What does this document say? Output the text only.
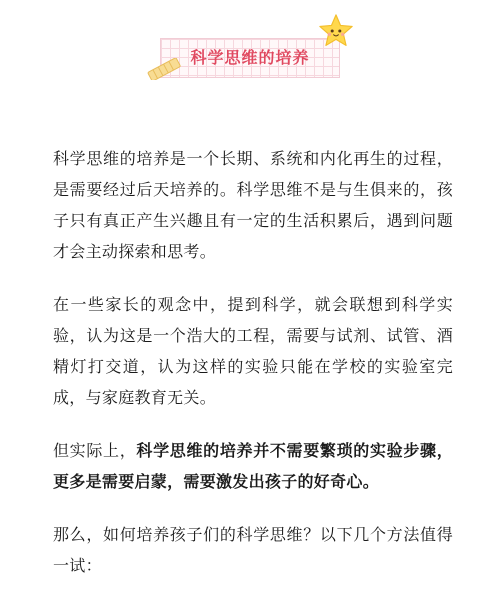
科学思维的培养

科学思维的培养是一个长期、系统和内化再生的过程，是需要经过后天培养的。科学思维不是与生俱来的，孩子只有真正产生兴趣且有一定的生活积累后，遇到问题才会主动探索和思考。

在一些家长的观念中，提到科学，就会联想到科学实验，认为这是一个浩大的工程，需要与试剂、试管、酒精灯打交道，认为这样的实验只能在学校的实验室完成，与家庭教育无关。

但实际上，科学思维的培养并不需要繁琐的实验步骤，更多是需要启蒙，需要激发出孩子的好奇心。

那么，如何培养孩子们的科学思维？以下几个方法值得一试：
